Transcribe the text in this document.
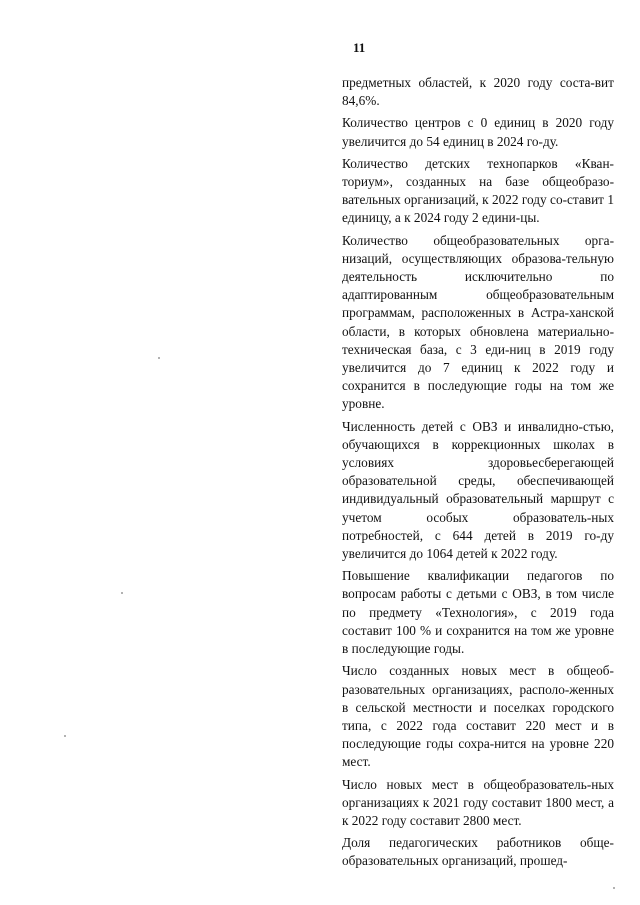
11

предметных областей, к 2020 году состa-вит 84,6%.

Количество центров с 0 единиц в 2020 году увеличится до 54 единиц в 2024 го-ду.

Количество детских технопарков «Кван-ториум», созданных на базе общеобразо-вательных организаций, к 2022 году со-ставит 1 единицу, а к 2024 году 2 едини-цы.

Количество общеобразовательных орга-низаций, осуществляющих образова-тельную деятельность исключительно по адаптированным общеобразовательным программам, расположенных в Астра-ханской области, в которых обновлена материально-техническая база, с 3 еди-ниц в 2019 году увеличится до 7 единиц к 2022 году и сохранится в последующие годы на том же уровне.

Численность детей с ОВЗ и инвалидно-стью, обучающихся в коррекционных школах в условиях здоровьесберегающей образовательной среды, обеспечивающей индивидуальный образовательный маршрут с учетом особых образователь-ных потребностей, с 644 детей в 2019 го-ду увеличится до 1064 детей к 2022 году.

Повышение квалификации педагогов по вопросам работы с детьми с ОВЗ, в том числе по предмету «Технология», с 2019 года составит 100 % и сохранится на том же уровне в последующие годы.

Число созданных новых мест в общеоб-разовательных организациях, располо-женных в сельской местности и поселках городского типа, с 2022 года составит 220 мест и в последующие годы сохра-нится на уровне 220 мест.

Число новых мест в общеобразователь-ных организациях к 2021 году составит 1800 мест, а к 2022 году составит 2800 мест.

Доля педагогических работников обще-образовательных организаций, прошед-
